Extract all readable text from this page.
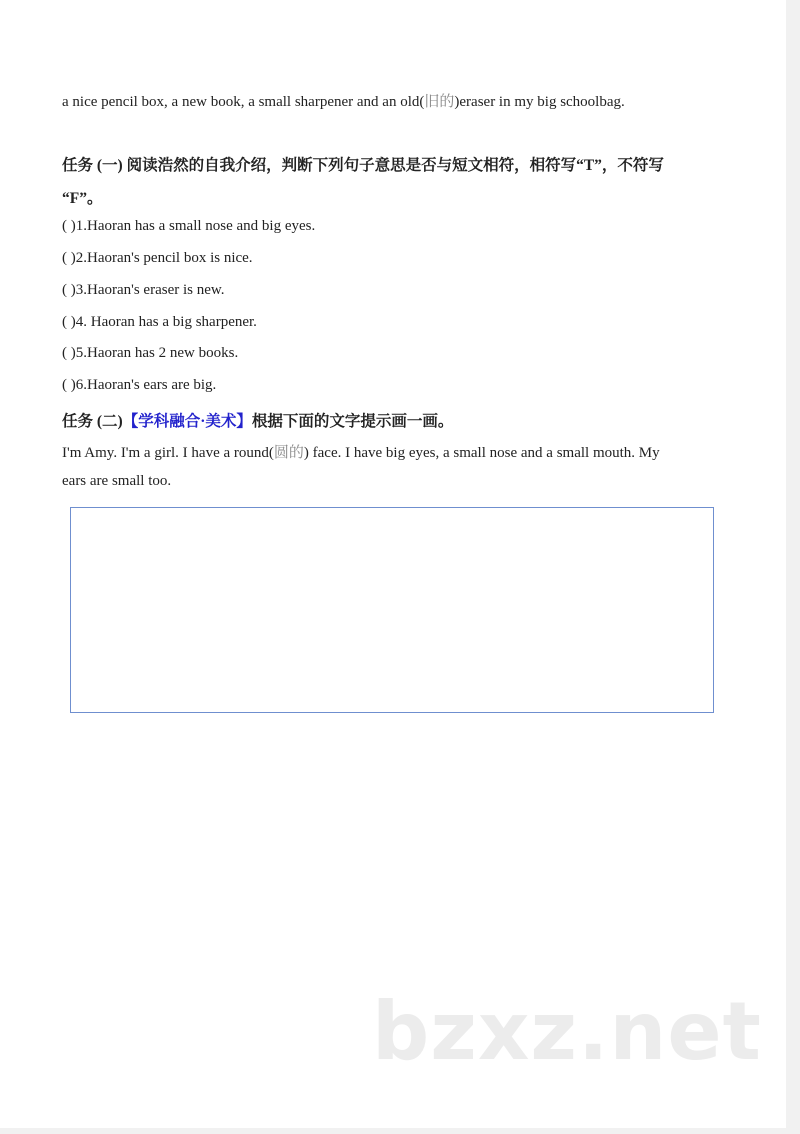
a nice pencil box, a new book, a small sharpener and an old(旧的)eraser in my big schoolbag.
任务 (一) 阅读浩然的自我介绍，判断下列句子意思是否与短文相符，相符写“T”，不符写
“F”。
( )1.Haoran has a small nose and big eyes.
( )2.Haoran's pencil box is nice.
( )3.Haoran's eraser is new.
( )4. Haoran has a big sharpener.
( )5.Haoran has 2 new books.
( )6.Haoran's ears are big.
任务 (二)【学科融合·美术】根据下面的文字提示画一画。
I'm Amy. I'm a girl. I have a round(圆的) face. I have big eyes, a small nose and a small mouth. My
ears are small too.
bzxz.net
